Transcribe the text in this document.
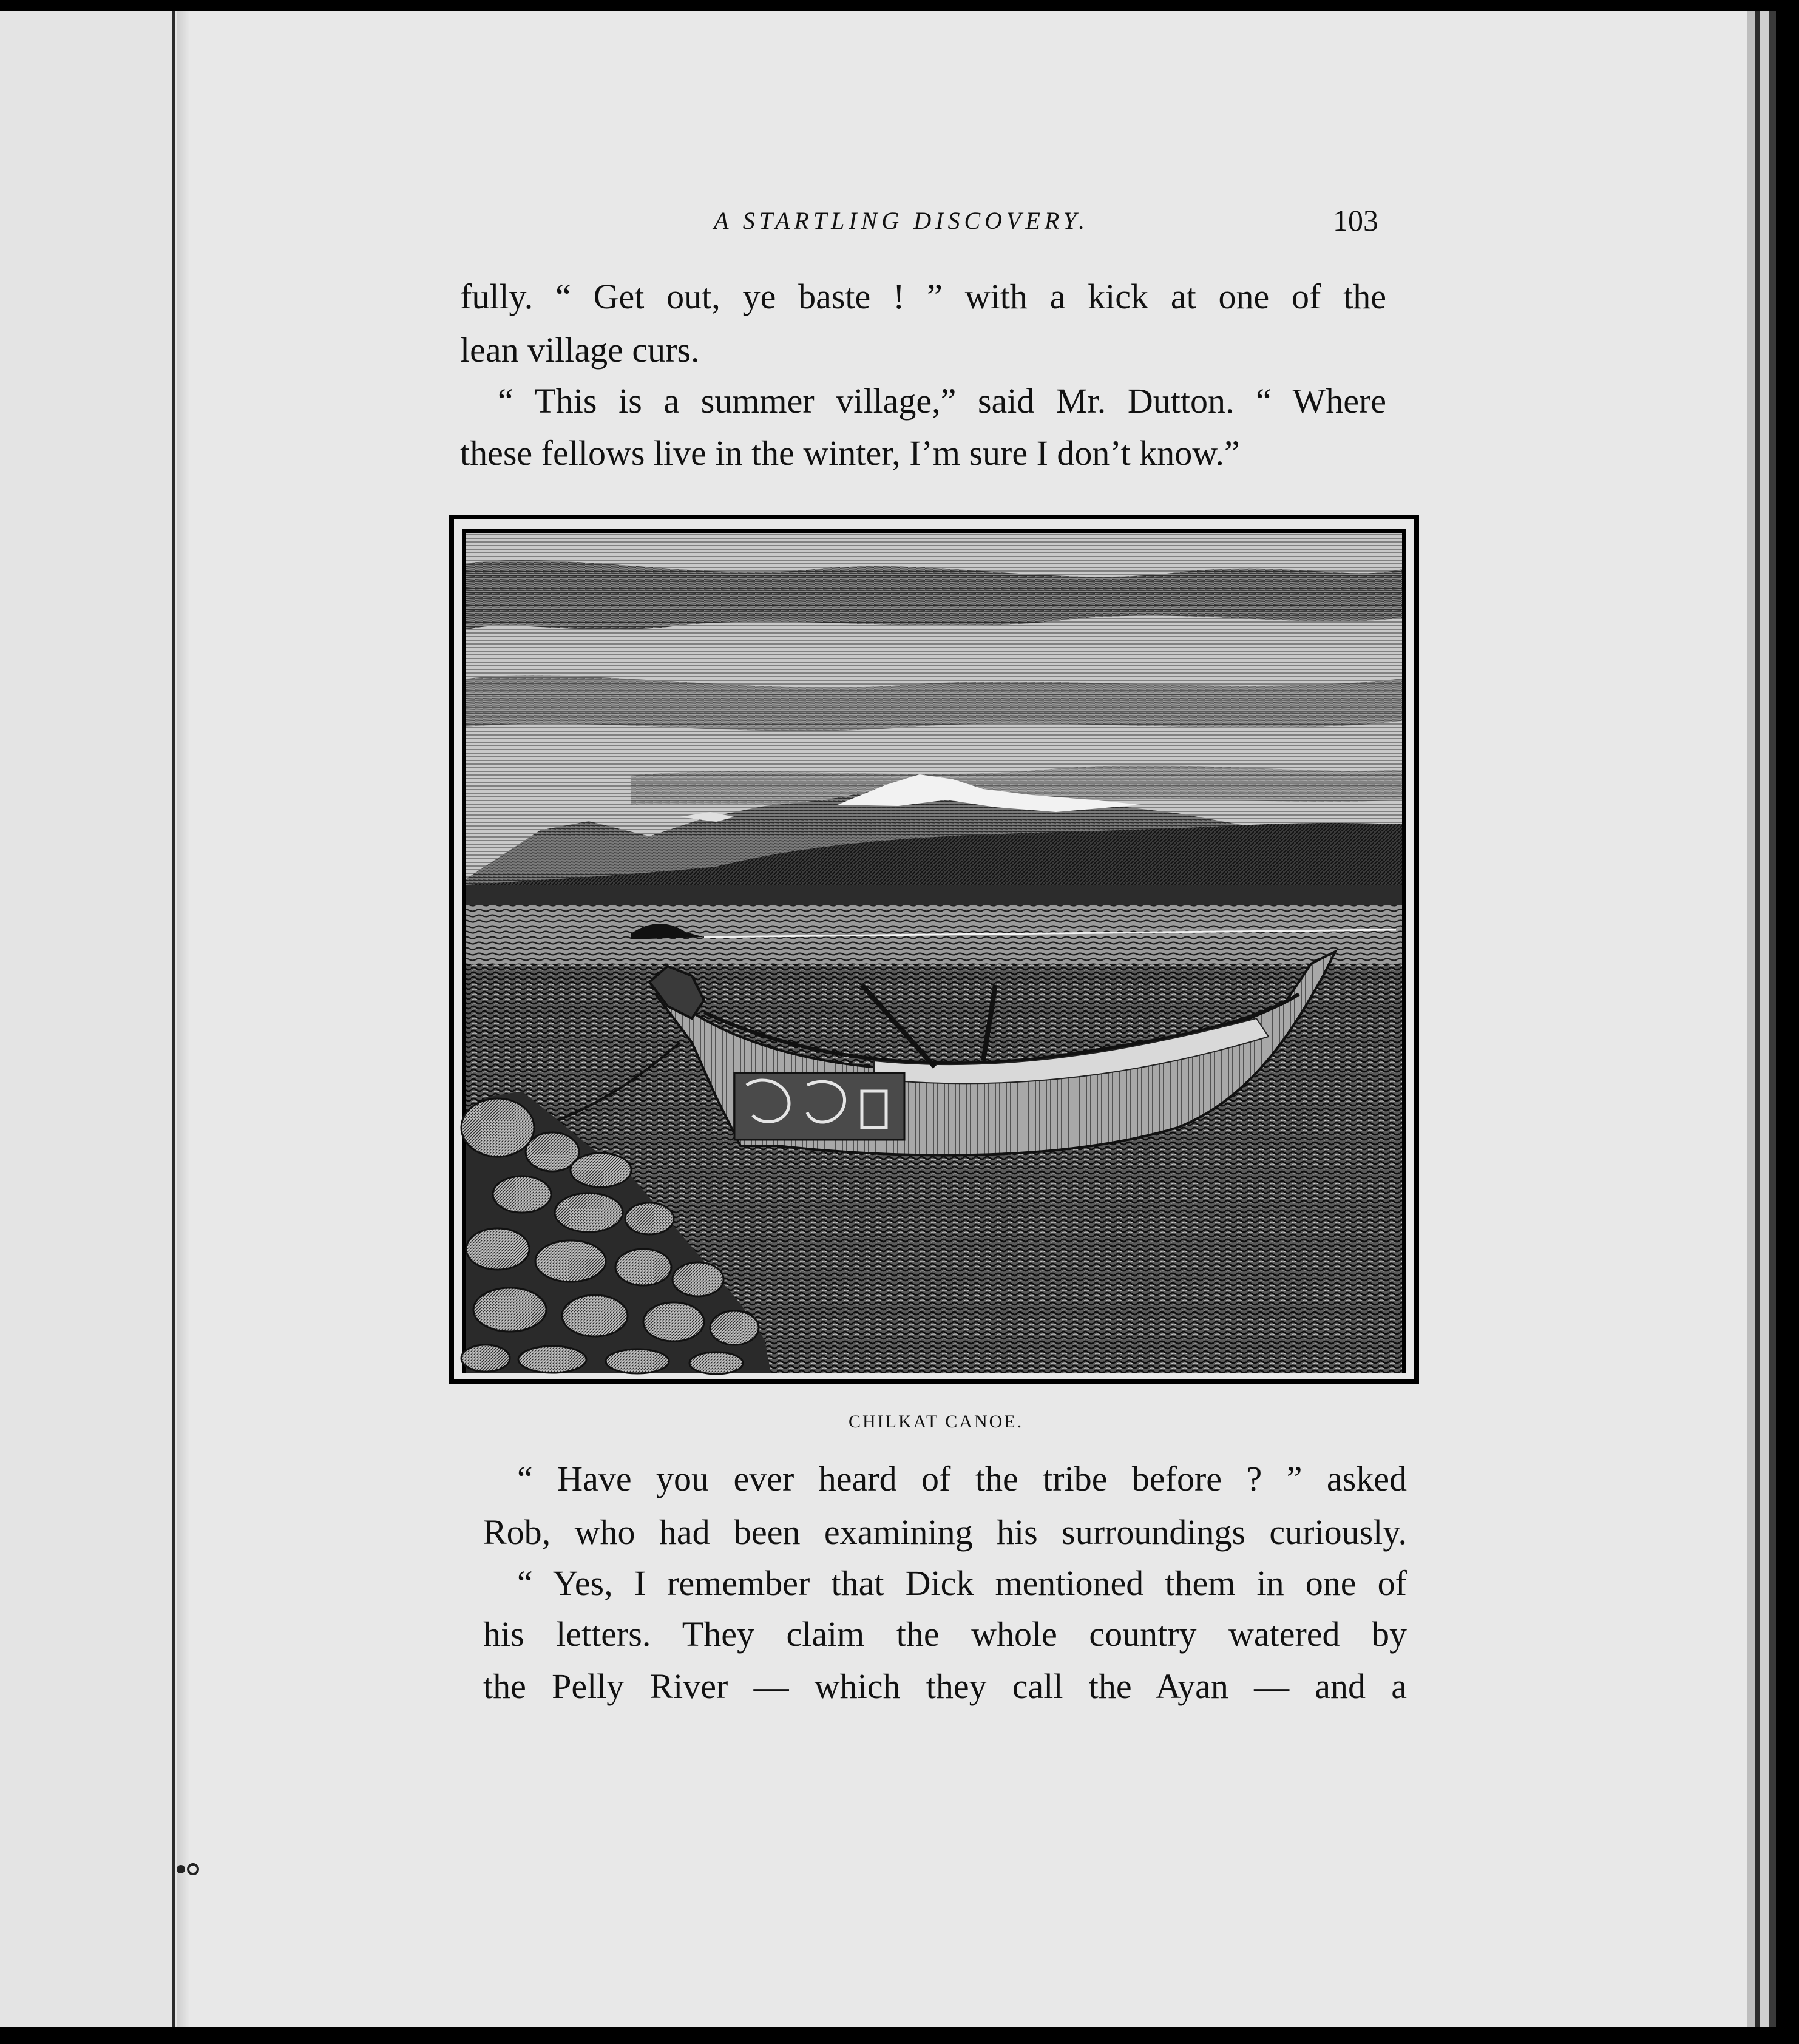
A STARTLING DISCOVERY.	103
fully. “ Get out, ye baste ! ” with a kick at one of the
lean village curs.
“ This is a summer village,” said Mr. Dutton. “ Where
these fellows live in the winter, I’m sure I don’t know.”
CHILKAT CANOE.
“ Have you ever heard of the tribe before ? ” asked
Rob, who had been examining his surroundings curiously.
“ Yes, I remember that Dick mentioned them in one of
his letters. They claim the whole country watered by
the Pelly River — which they call the Ayan — and a
